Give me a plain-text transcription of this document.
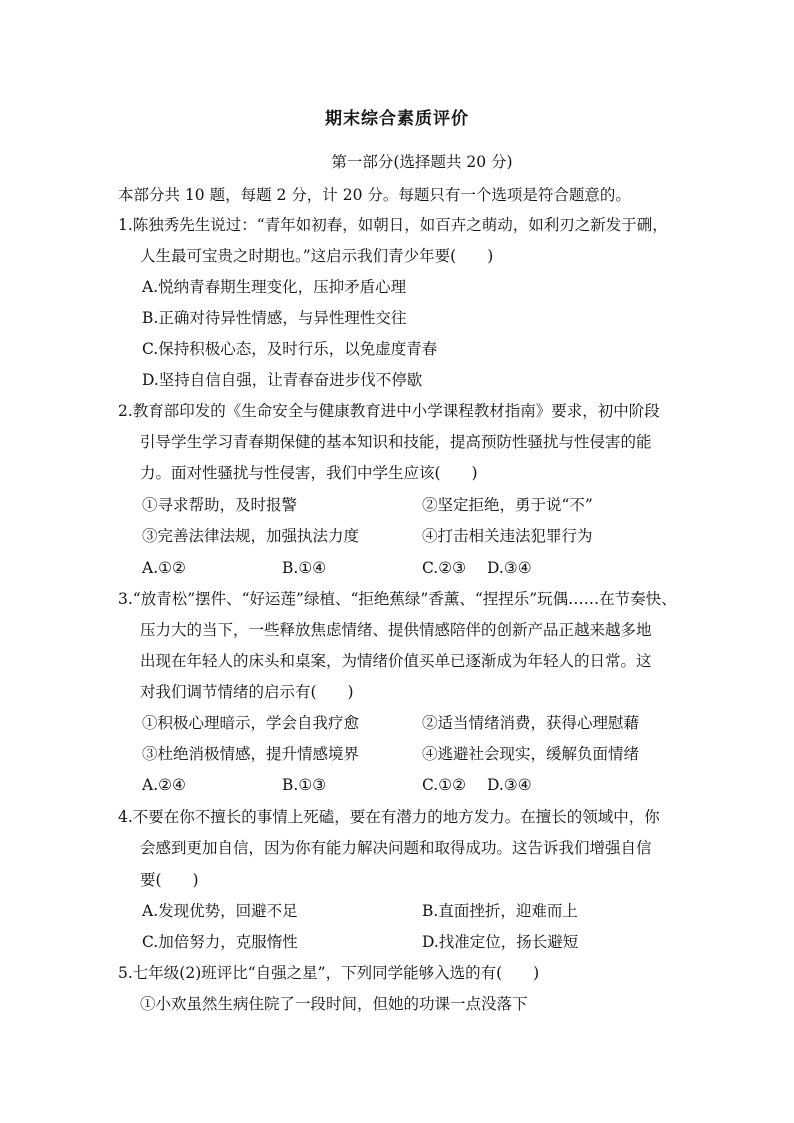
期末综合素质评价
第一部分(选择题共 20 分)
本部分共 10 题，每题 2 分，计 20 分。每题只有一个选项是符合题意的。
1.陈独秀先生说过：“青年如初春，如朝日，如百卉之萌动，如利刃之新发于硎，
人生最可宝贵之时期也。”这启示我们青少年要(　　)
A.悦纳青春期生理变化，压抑矛盾心理
B.正确对待异性情感，与异性理性交往
C.保持积极心态，及时行乐，以免虚度青春
D.坚持自信自强，让青春奋进步伐不停歇
2.教育部印发的《生命安全与健康教育进中小学课程教材指南》要求，初中阶段
引导学生学习青春期保健的基本知识和技能，提高预防性骚扰与性侵害的能
力。面对性骚扰与性侵害，我们中学生应该(　　)
①寻求帮助，及时报警	②坚定拒绝，勇于说“不”
③完善法律法规，加强执法力度	④打击相关违法犯罪行为
A.①②	B.①④	C.②③ D.③④
3.“放青松”摆件、“好运莲”绿植、“拒绝蕉绿”香薰、“捏捏乐”玩偶……在节奏快、
压力大的当下，一些释放焦虑情绪、提供情感陪伴的创新产品正越来越多地
出现在年轻人的床头和桌案，为情绪价值买单已逐渐成为年轻人的日常。这
对我们调节情绪的启示有(　　)
①积极心理暗示，学会自我疗愈	②适当情绪消费，获得心理慰藉
③杜绝消极情感，提升情感境界	④逃避社会现实，缓解负面情绪
A.②④	B.①③	C.①② D.③④
4.不要在你不擅长的事情上死磕，要在有潜力的地方发力。在擅长的领域中，你
会感到更加自信，因为你有能力解决问题和取得成功。这告诉我们增强自信
要(　　)
A.发现优势，回避不足	B.直面挫折，迎难而上
C.加倍努力，克服惰性	D.找准定位，扬长避短
5.七年级(2)班评比“自强之星”，下列同学能够入选的有(　　)
①小欢虽然生病住院了一段时间，但她的功课一点没落下
